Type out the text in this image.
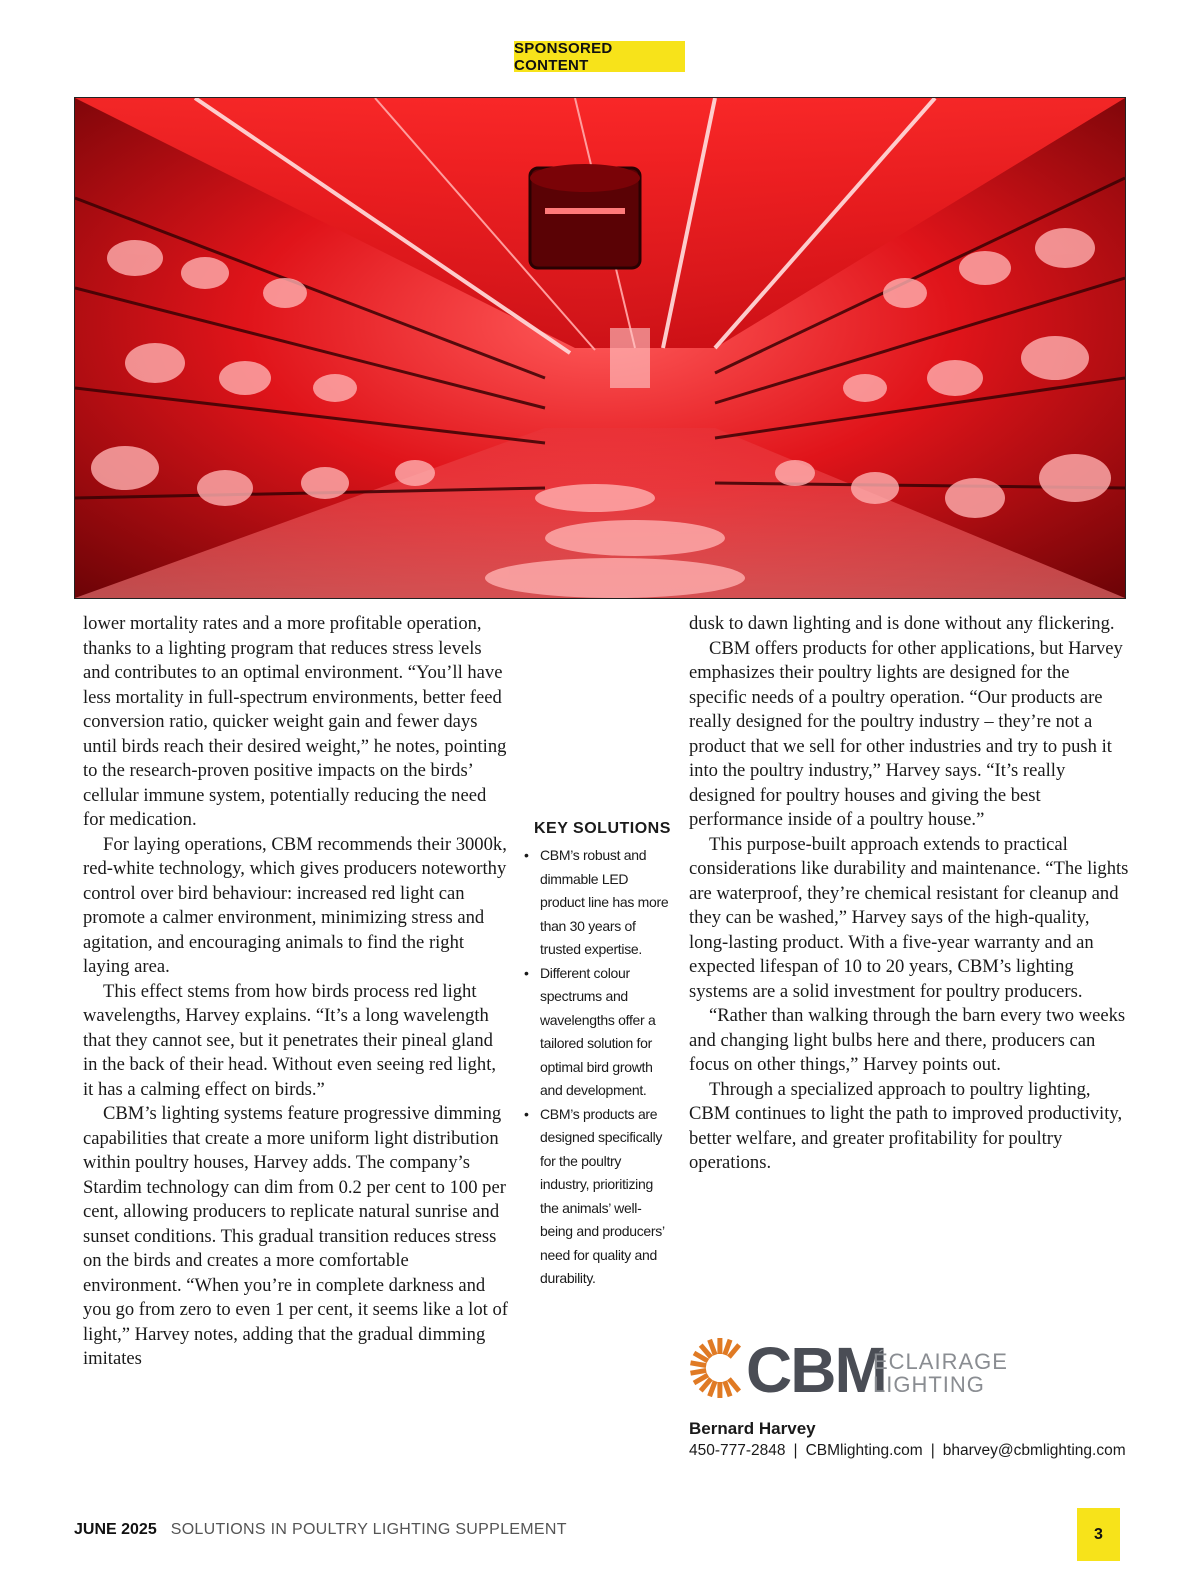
SPONSORED CONTENT

lower mortality rates and a more profitable operation, thanks to a lighting program that reduces stress levels and contributes to an optimal environment. “You’ll have less mortality in full-spectrum environments, better feed conversion ratio, quicker weight gain and fewer days until birds reach their desired weight,” he notes, pointing to the research-proven positive impacts on the birds’ cellular immune system, potentially reducing the need for medication.

For laying operations, CBM recommends their 3000k, red-white technology, which gives producers noteworthy control over bird behaviour: increased red light can promote a calmer environment, minimizing stress and agitation, and encouraging animals to find the right laying area.

This effect stems from how birds process red light wavelengths, Harvey explains. “It’s a long wavelength that they cannot see, but it penetrates their pineal gland in the back of their head. Without even seeing red light, it has a calming effect on birds.”

CBM’s lighting systems feature progressive dimming capabilities that create a more uniform light distribution within poultry houses, Harvey adds. The company’s Stardim technology can dim from 0.2 per cent to 100 per cent, allowing producers to replicate natural sunrise and sunset conditions. This gradual transition reduces stress on the birds and creates a more comfortable environment. “When you’re in complete darkness and you go from zero to even 1 per cent, it seems like a lot of light,” Harvey notes, adding that the gradual dimming imitates

KEY SOLUTIONS
• CBM’s robust and dimmable LED product line has more than 30 years of trusted expertise.
• Different colour spectrums and wavelengths offer a tailored solution for optimal bird growth and development.
• CBM’s products are designed specifically for the poultry industry, prioritizing the animals’ well-being and producers’ need for quality and durability.

dusk to dawn lighting and is done without any flickering.

CBM offers products for other applications, but Harvey emphasizes their poultry lights are designed for the specific needs of a poultry operation. “Our products are really designed for the poultry industry – they’re not a product that we sell for other industries and try to push it into the poultry industry,” Harvey says. “It’s really designed for poultry houses and giving the best performance inside of a poultry house.”

This purpose-built approach extends to practical considerations like durability and maintenance. “The lights are waterproof, they’re chemical resistant for cleanup and they can be washed,” Harvey says of the high-quality, long-lasting product. With a five-year warranty and an expected lifespan of 10 to 20 years, CBM’s lighting systems are a solid investment for poultry producers.

“Rather than walking through the barn every two weeks and changing light bulbs here and there, producers can focus on other things,” Harvey points out.

Through a specialized approach to poultry lighting, CBM continues to light the path to improved productivity, better welfare, and greater profitability for poultry operations.

CBM
ÉCLAIRAGE
LIGHTING
Bernard Harvey
450-777-2848 | CBMlighting.com | bharvey@cbmlighting.com
JUNE 2025 SOLUTIONS IN POULTRY LIGHTING SUPPLEMENT	3
